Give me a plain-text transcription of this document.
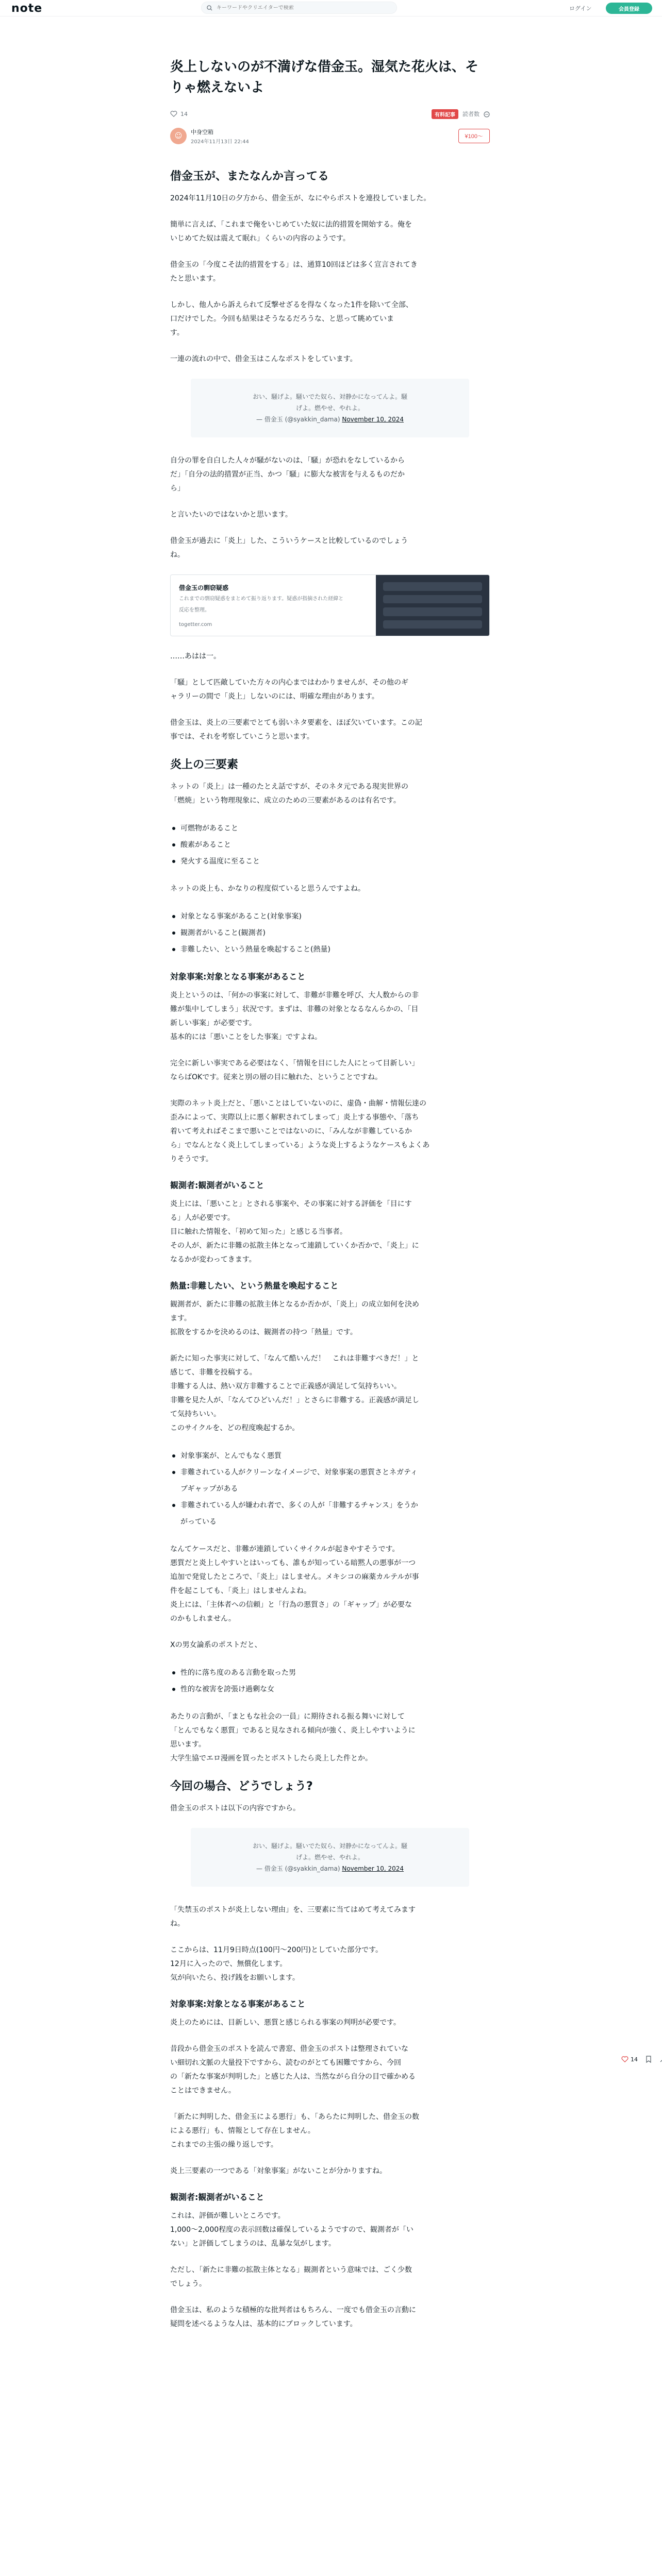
note
キーワードやクリエイターで検索	ログイン	会員登録
炎上しないのが不満げな借金玉。湿気た花火は、そりゃ燃えないよ
14	有料記事	読者数
☺	中身空箱
2024年11月13日 22:44
¥100〜
借金玉が、またなんか言ってる
2024年11月10日の夕方から、借金玉が、なにやらポストを連投していました。
簡単に言えば、「これまで俺をいじめていた奴に法的措置を開始する。俺を
いじめてた奴は震えて眠れ」くらいの内容のようです。
借金玉の「今度こそ法的措置をする」は、通算10回ほどは多く宣言されてき
たと思います。
しかし、他人から訴えられて反撃せざるを得なくなった1件を除いて全部、
口だけでした。今回も結果はそうなるだろうな、と思って眺めていま
す。
一連の流れの中で、借金玉はこんなポストをしています。
おい、騒げよ。騒いでた奴ら、対静かになってんよ。騒
げよ。燃やせ、やれよ。
— 借金玉 (@syakkin_dama) November 10, 2024
自分の罪を自白した人々が騒がないのは、「騒」が恐れをなしているから
だ」「自分の法的措置が正当、かつ「騒」に膨大な被害を与えるものだか
ら」
と言いたいのではないかと思います。
借金玉が過去に「炎上」した、こういうケースと比較しているのでしょう
ね。
借金玉の剽窃疑惑
これまでの剽窃疑惑をまとめて振り返ります。疑惑が指摘された経緯と
反応を整理。
togetter.com
……あはは一。
「騒」として匹敵していた方々の内心まではわかりませんが、その他のギ
ャラリーの間で「炎上」しないのには、明確な理由があります。
借金玉は、炎上の三要素でとても弱いネタ要素を、ほぼ欠いています。この記
事では、それを考察していこうと思います。
炎上の三要素
ネットの「炎上」は一種のたとえ話ですが、そのネタ元である現実世界の
「燃焼」という物理現象に、成立のための三要素があるのは有名です。
可燃物があること
酸素があること
発火する温度に至ること
ネットの炎上も、かなりの程度似ていると思うんですよね。
対象となる事案があること(対象事案)
観測者がいること(観測者)
非難したい、という熱量を喚起すること(熱量)
対象事案:対象となる事案があること
炎上というのは、「何かの事案に対して、非難が非難を呼び、大人数からの非
難が集中してしまう」状況です。まずは、非難の対象となるなんらかの、「目
新しい事案」が必要です。
基本的には「悪いことをした事案」ですよね。
完全に新しい事実である必要はなく、「情報を目にした人にとって目新しい」
ならばOKです。従来と別の層の目に触れた、ということですね。
実際のネット炎上だと、「悪いことはしていないのに、虚偽・曲解・情報伝達の
歪みによって、実際以上に悪く解釈されてしまって」炎上する事態や、「落ち
着いて考えればそこまで悪いことではないのに、「みんなが非難しているか
ら」でなんとなく炎上してしまっている」ような炎上するようなケースもよくあ
りそうです。
観測者:観測者がいること
炎上には、「悪いこと」とされる事案や、その事案に対する評価を「目にす
る」人が必要です。
目に触れた情報を、「初めて知った」と感じる当事者。
その人が、新たに非難の拡散主体となって連鎖していくか否かで、「炎上」に
なるかが変わってきます。
熱量:非難したい、という熱量を喚起すること
観測者が、新たに非難の拡散主体となるか否かが、「炎上」の成立如何を決め
ます。
拡散をするかを決めるのは、観測者の持つ「熱量」です。
新たに知った事実に対して、「なんて酷いんだ！　これは非難すべきだ！」と
感じて、非難を投稿する。
非難する人は、熱い双方非難することで正義感が満足して気持ちいい。
非難を見た人が、「なんてひどいんだ！」とさらに非難する。正義感が満足し
て気持ちいい。
このサイクルを、どの程度喚起するか。
対象事案が、とんでもなく悪質
非難されている人がクリーンなイメージで、対象事案の悪質さとネガティ
ブギャップがある
非難されている人が嫌われ者で、多くの人が「非難するチャンス」をうか
がっている
なんてケースだと、非難が連鎖していくサイクルが起きやすそうです。
悪質だと炎上しやすいとはいっても、誰もが知っている暗黙人の悪事が一つ
追加で発覚したところで、「炎上」はしません。メキシコの麻薬カルテルが事
件を起こしても、「炎上」はしませんよね。
炎上には、「主体者への信頼」と「行為の悪質さ」の「ギャップ」が必要な
のかもしれません。
Xの男女論系のポストだと、
性的に落ち度のある言動を取った男
性的な被害を誇張け過剰な女
あたりの言動が、「まともな社会の一員」に期待される振る舞いに対して
「とんでもなく悪質」であると見なされる傾向が強く、炎上しやすいように
思います。
大学生協でエロ漫画を買ったとボストしたら炎上した件とか。
今回の場合、どうでしょう?
借金玉のポストは以下の内容ですから。
おい、騒げよ。騒いでた奴ら、対静かになってんよ。騒
げよ。燃やせ、やれよ。
— 借金玉 (@syakkin_dama) November 10, 2024
「失禁玉のポストが炎上しない理由」を、三要素に当てはめて考えてみます
ね。
ここからは、11月9日時点(100円〜200円)としていた部分です。
12月に入ったので、無償化します。
気が向いたら、投げ銭をお願いします。
対象事案:対象となる事案があること
炎上のためには、目新しい、悪質と感じられる事案の判明が必要です。
昔段から借金玉のポストを読んで書窓、借金玉のポストは整理されていな
い細切れ文脈の大量投下ですから、読むのがとても困難ですから、今回
の「新たな事案が判明した」と感じた人は、当然ながら自分の目で確かめる
ことはできません。
「新たに判明した、借金玉による悪行」も、「あらたに判明した、借金玉の数
による悪行」も、情報として存在しません。
これまでの主張の繰り返しです。
炎上三要素の一つである「対象事案」がないことが分かりますね。
観測者:観測者がいること
これは、評価が難しいところです。
1,000〜2,000程度の表示回数は確保しているようですので、観測者が「い
ない」と評価してしまうのは、乱暴な気がします。
ただし、「新たに非難の拡散主体となる」観測者という意味では、ごく少数
でしょう。
借金玉は、私のような積極的な批判者はもちろん、一度でも借金玉の言動に
疑問を述べるような人は、基本的にブロックしています。
14
